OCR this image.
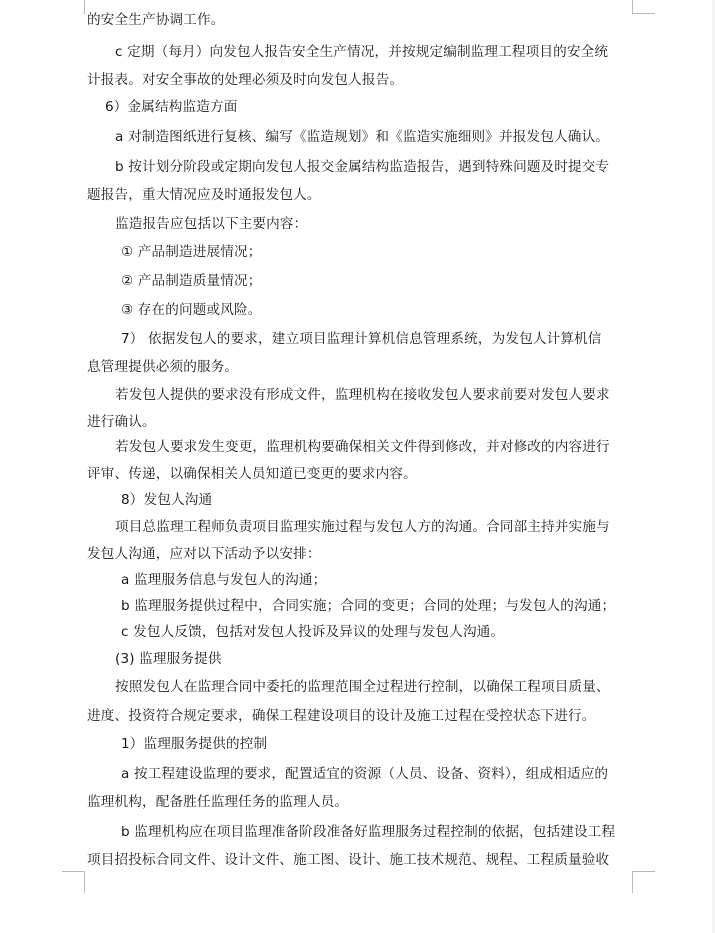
的安全生产协调工作。
c 定期（每月）向发包人报告安全生产情况，并按规定编制监理工程项目的安全统
计报表。对安全事故的处理必须及时向发包人报告。
6）金属结构监造方面
a 对制造图纸进行复核、编写《监造规划》和《监造实施细则》并报发包人确认。
b 按计划分阶段或定期向发包人报交金属结构监造报告，遇到特殊问题及时提交专
题报告，重大情况应及时通报发包人。
监造报告应包括以下主要内容：
① 产品制造进展情况；
② 产品制造质量情况；
③ 存在的问题或风险。
7） 依据发包人的要求，建立项目监理计算机信息管理系统，为发包人计算机信
息管理提供必须的服务。
若发包人提供的要求没有形成文件，监理机构在接收发包人要求前要对发包人要求
进行确认。
若发包人要求发生变更，监理机构要确保相关文件得到修改，并对修改的内容进行
评审、传递，以确保相关人员知道已变更的要求内容。
8）发包人沟通
项目总监理工程师负责项目监理实施过程与发包人方的沟通。合同部主持并实施与
发包人沟通，应对以下活动予以安排：
a 监理服务信息与发包人的沟通；
b 监理服务提供过程中，合同实施；合同的变更；合同的处理；与发包人的沟通；
c 发包人反馈，包括对发包人投诉及异议的处理与发包人沟通。
(3) 监理服务提供
按照发包人在监理合同中委托的监理范围全过程进行控制，以确保工程项目质量、
进度、投资符合规定要求，确保工程建设项目的设计及施工过程在受控状态下进行。
1）监理服务提供的控制
a 按工程建设监理的要求，配置适宜的资源（人员、设备、资料），组成相适应的
监理机构，配备胜任监理任务的监理人员。
b 监理机构应在项目监理准备阶段准备好监理服务过程控制的依据，包括建设工程
项目招投标合同文件、设计文件、施工图、设计、施工技术规范、规程、工程质量验收
